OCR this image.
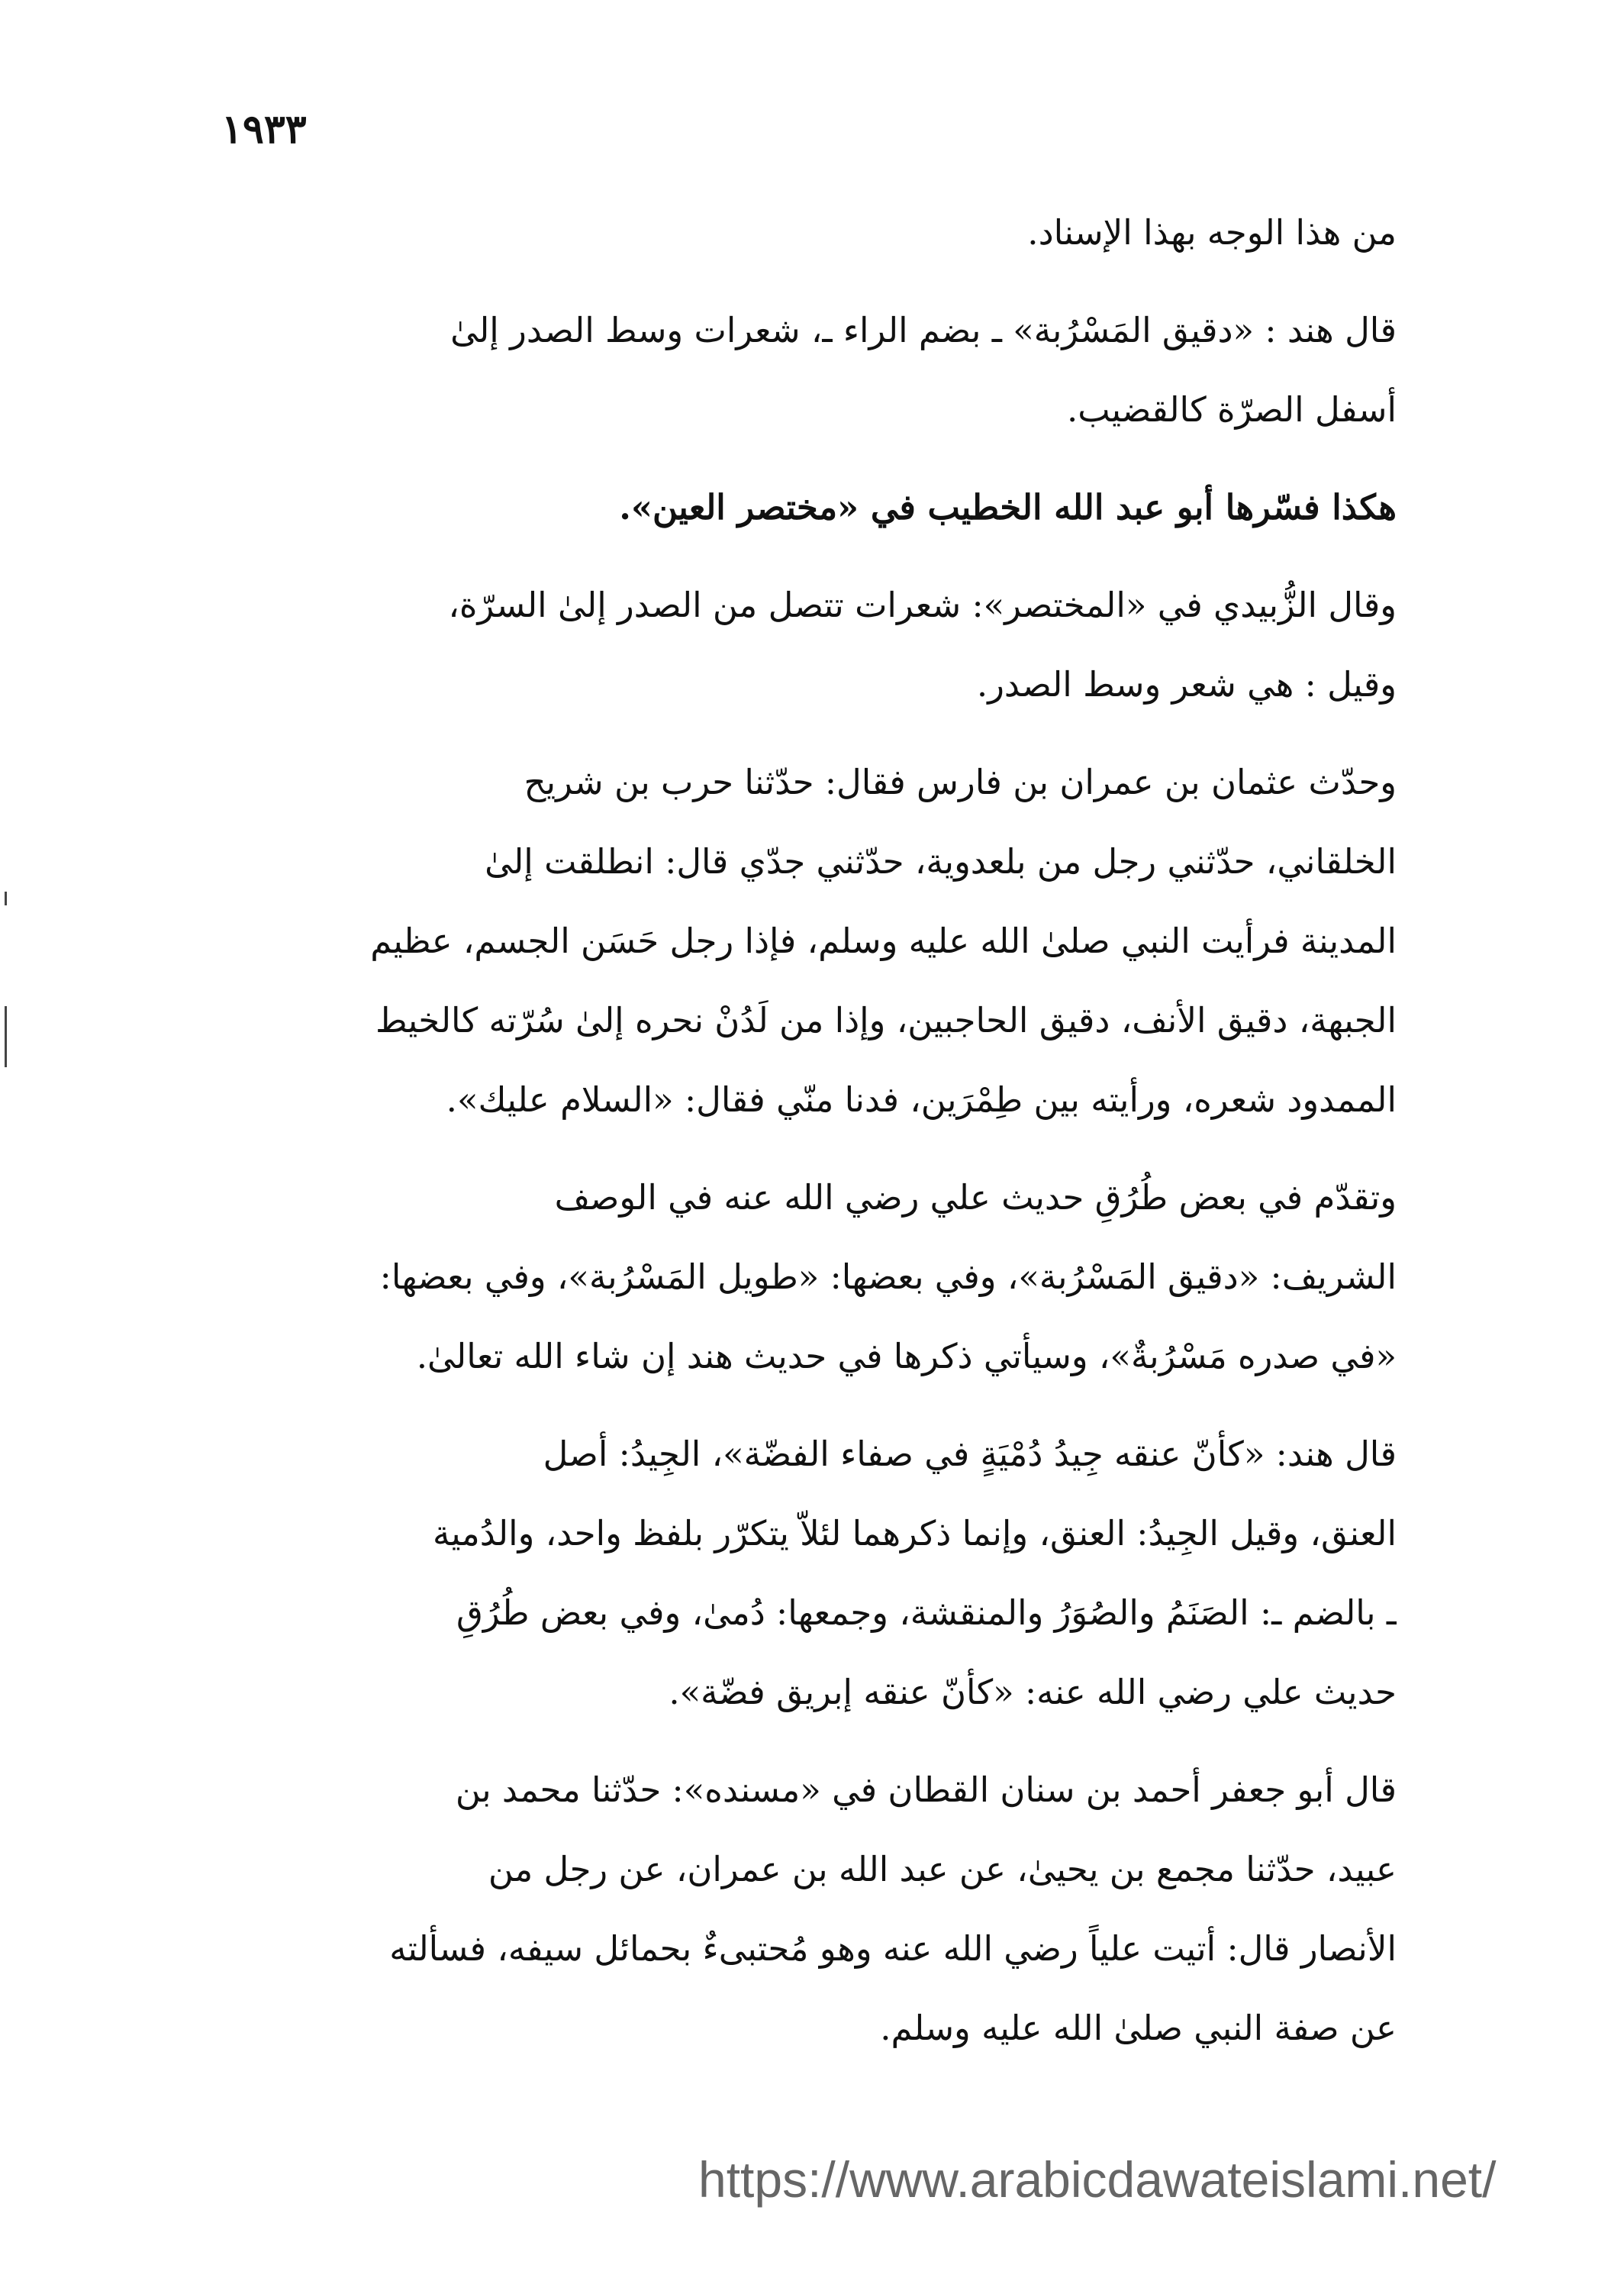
١٩٣٣
من هذا الوجه بهذا الإسناد.
قال هند : «دقيق المَسْرُبة» ـ بضم الراء ـ، شعرات وسط الصدر إلىٰ
أسفل الصرّة كالقضيب.
هكذا فسّرها أبو عبد الله الخطيب في «مختصر العين».
وقال الزُّبيدي في «المختصر»: شعرات تتصل من الصدر إلىٰ السرّة،
وقيل : هي شعر وسط الصدر.
وحدّث عثمان بن عمران بن فارس فقال: حدّثنا حرب بن شريح
الخلقاني، حدّثني رجل من بلعدوية، حدّثني جدّي قال: انطلقت إلىٰ
المدينة فرأيت النبي صلىٰ الله عليه وسلم، فإذا رجل حَسَن الجسم، عظيم
الجبهة، دقيق الأنف، دقيق الحاجبين، وإذا من لَدُنْ نحره إلىٰ سُرّته كالخيط
الممدود شعره، ورأيته بين طِمْرَين، فدنا منّي فقال: «السلام عليك».
وتقدّم في بعض طُرُقِ حديث علي رضي الله عنه في الوصف
الشريف: «دقيق المَسْرُبة»، وفي بعضها: «طويل المَسْرُبة»، وفي بعضها:
«في صدره مَسْرُبةٌ»، وسيأتي ذكرها في حديث هند إن شاء الله تعالىٰ.
قال هند: «كأنّ عنقه جِيدُ دُمْيَةٍ في صفاء الفضّة»، الجِيدُ: أصل
العنق، وقيل الجِيدُ: العنق، وإنما ذكرهما لئلاّ يتكرّر بلفظ واحد، والدُمية
ـ بالضم ـ: الصَنَمُ والصُوَرُ والمنقشة، وجمعها: دُمىٰ، وفي بعض طُرُقِ
حديث علي رضي الله عنه: «كأنّ عنقه إبريق فضّة».
قال أبو جعفر أحمد بن سنان القطان في «مسنده»: حدّثنا محمد بن
عبيد، حدّثنا مجمع بن يحيىٰ، عن عبد الله بن عمران، عن رجل من
الأنصار قال: أتيت علياً رضي الله عنه وهو مُحتبىءٌ بحمائل سيفه، فسألته
عن صفة النبي صلىٰ الله عليه وسلم.
https://www.arabicdawateislami.net/
